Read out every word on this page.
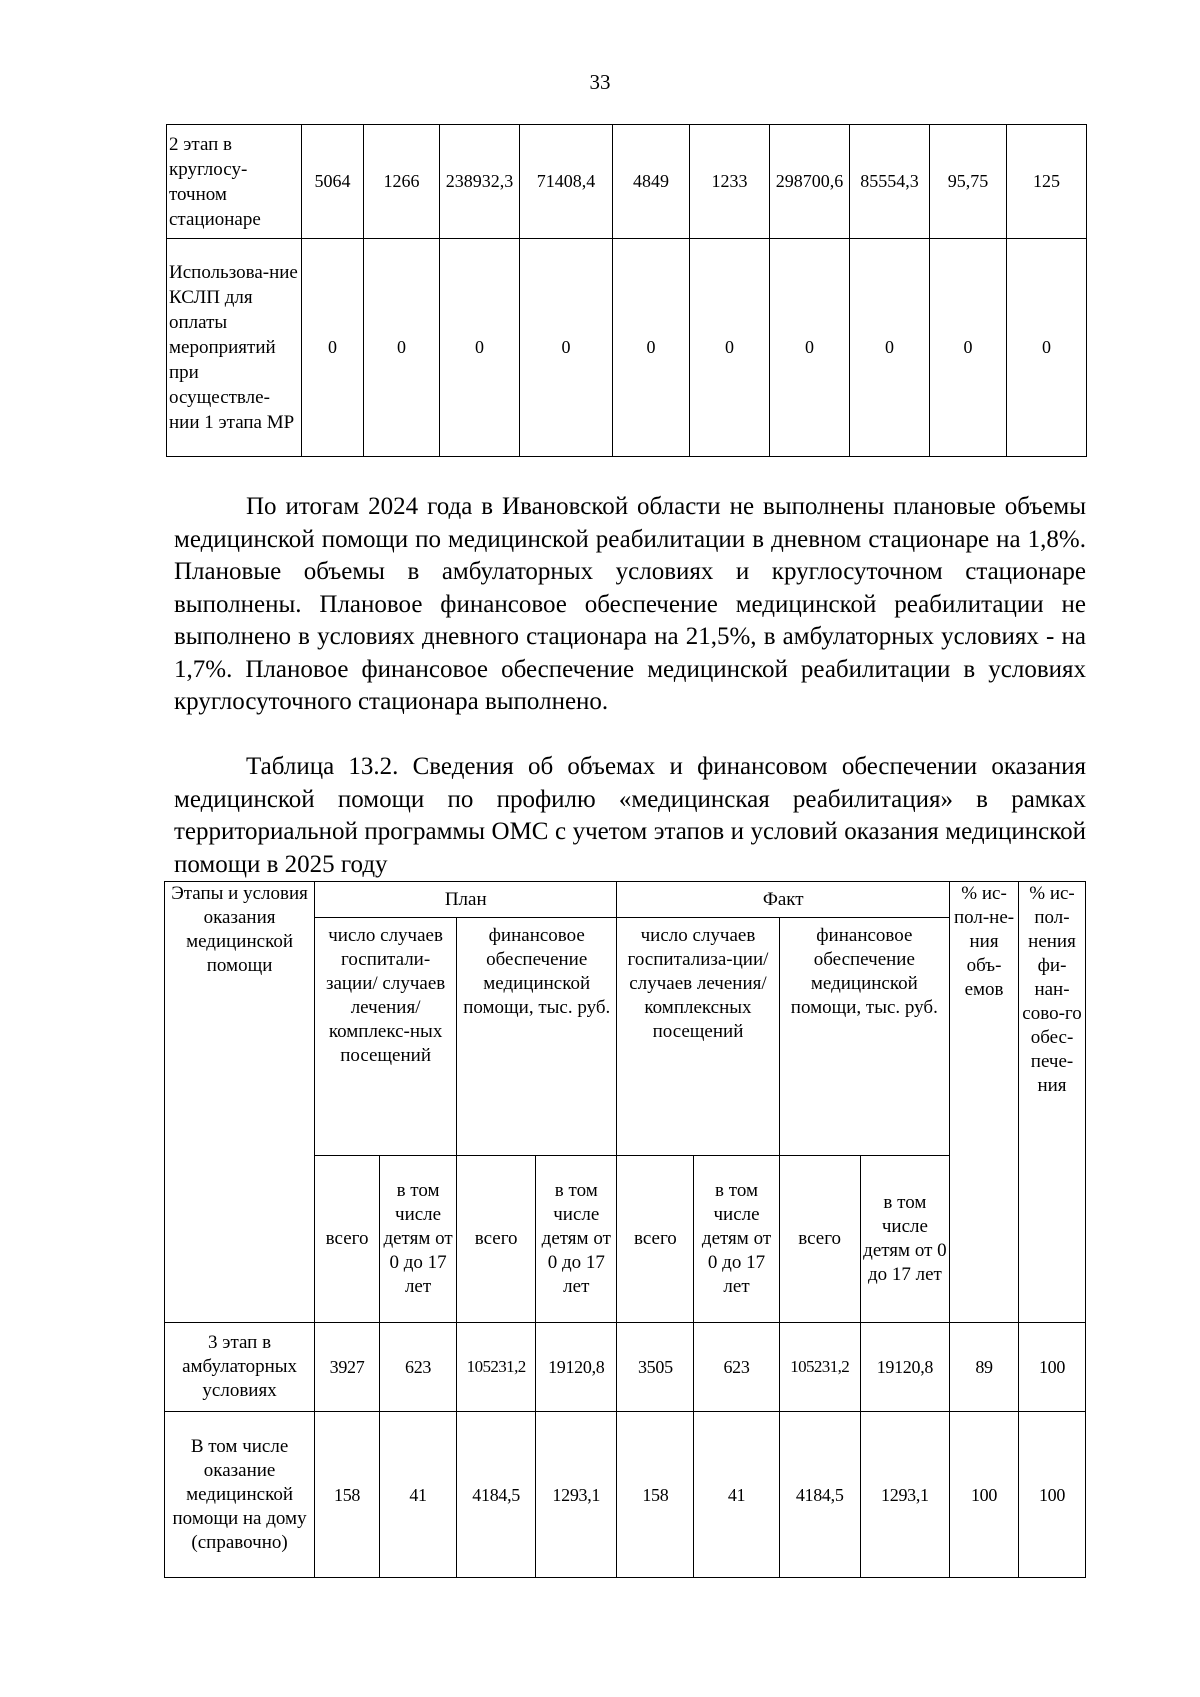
33
2 этап в круглосу-точном стационаре	5064	1266	238932,3	71408,4	4849	1233	298700,6	85554,3	95,75	125
Использова-ние КСЛП для оплаты мероприятий при осуществле-нии 1 этапа МР	0	0	0	0	0	0	0	0	0	0

По итогам 2024 года в Ивановской области не выполнены плановые объемы медицинской помощи по медицинской реабилитации в дневном стационаре на 1,8%. Плановые объемы в амбулаторных условиях и круглосуточном стационаре выполнены. Плановое финансовое обеспечение медицинской реабилитации не выполнено в условиях дневного стационара на 21,5%, в амбулаторных условиях - на 1,7%. Плановое финансовое обеспечение медицинской реабилитации в условиях круглосуточного стационара выполнено.

Таблица 13.2. Сведения об объемах и финансовом обеспечении оказания медицинской помощи по профилю «медицинская реабилитация» в рамках территориальной программы ОМС с учетом этапов и условий оказания медицинской помощи в 2025 году

Этапы и условия оказания медицинской помощи	План				Факт				% ис-пол-не-ния объ-емов	% ис-пол-нения фи-нан-сово-го обес-пече-ния
	число случаев госпитали-зации/ случаев лечения/ комплекс-ных посещений		финансовое обеспечение медицинской помощи, тыс. руб.		число случаев госпитализа-ции/ случаев лечения/ комплексных посещений		финансовое обеспечение медицинской помощи, тыс. руб.			
	всего	в том числе детям от 0 до 17 лет	всего	в том числе детям от 0 до 17 лет	всего	в том числе детям от 0 до 17 лет	всего	в том числе детям от 0 до 17 лет		
3 этап в амбулаторных условиях	3927	623	105231,2	19120,8	3505	623	105231,2	19120,8	89	100
В том числе оказание медицинской помощи на дому (справочно)	158	41	4184,5	1293,1	158	41	4184,5	1293,1	100	100
